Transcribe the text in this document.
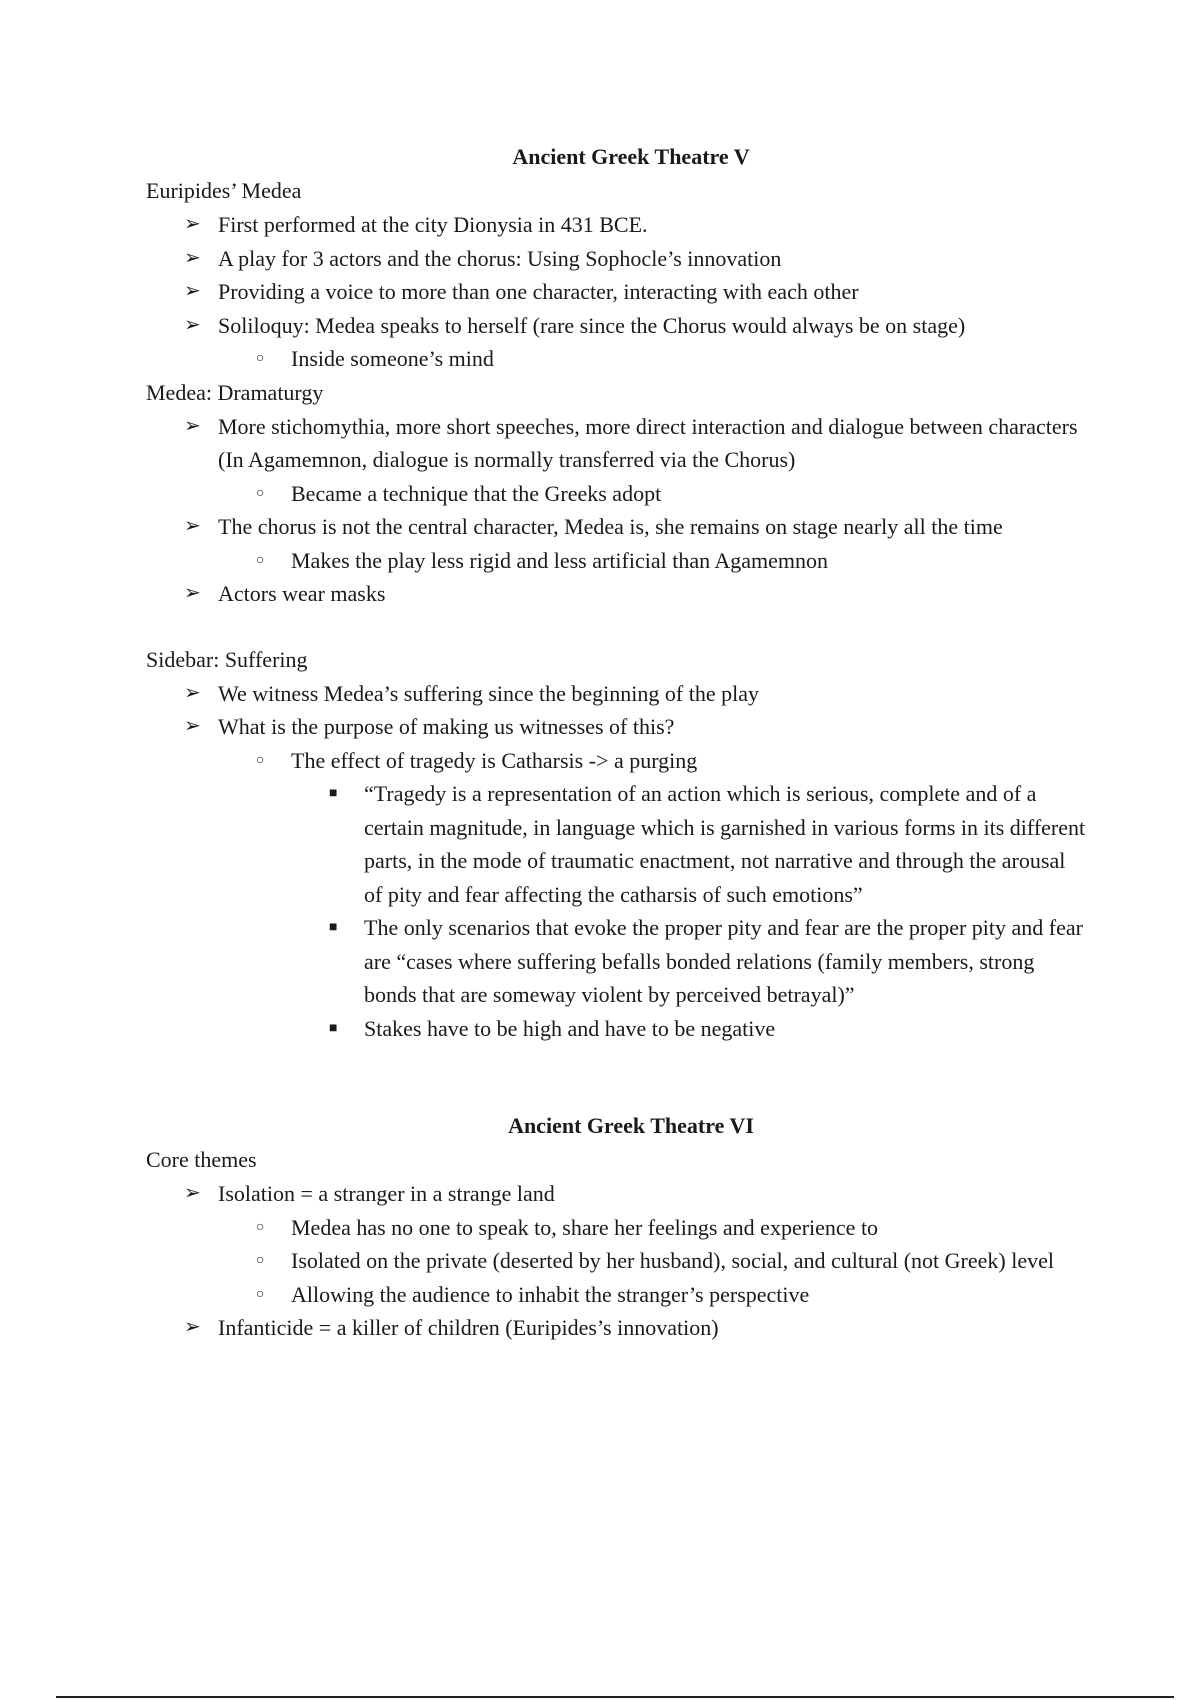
Ancient Greek Theatre V
Euripides’ Medea
➢ First performed at the city Dionysia in 431 BCE.
➢ A play for 3 actors and the chorus: Using Sophocle’s innovation
➢ Providing a voice to more than one character, interacting with each other
➢ Soliloquy: Medea speaks to herself (rare since the Chorus would always be on stage)
○ Inside someone’s mind
Medea: Dramaturgy
➢ More stichomythia, more short speeches, more direct interaction and dialogue between characters (In Agamemnon, dialogue is normally transferred via the Chorus)
○ Became a technique that the Greeks adopt
➢ The chorus is not the central character, Medea is, she remains on stage nearly all the time
○ Makes the play less rigid and less artificial than Agamemnon
➢ Actors wear masks
Sidebar: Suffering
➢ We witness Medea’s suffering since the beginning of the play
➢ What is the purpose of making us witnesses of this?
○ The effect of tragedy is Catharsis -> a purging
■ “Tragedy is a representation of an action which is serious, complete and of a certain magnitude, in language which is garnished in various forms in its different parts, in the mode of traumatic enactment, not narrative and through the arousal of pity and fear affecting the catharsis of such emotions”
■ The only scenarios that evoke the proper pity and fear are the proper pity and fear are “cases where suffering befalls bonded relations (family members, strong bonds that are someway violent by perceived betrayal)”
■ Stakes have to be high and have to be negative
Ancient Greek Theatre VI
Core themes
➢ Isolation = a stranger in a strange land
○ Medea has no one to speak to, share her feelings and experience to
○ Isolated on the private (deserted by her husband), social, and cultural (not Greek) level
○ Allowing the audience to inhabit the stranger’s perspective
➢ Infanticide = a killer of children (Euripides’s innovation)
